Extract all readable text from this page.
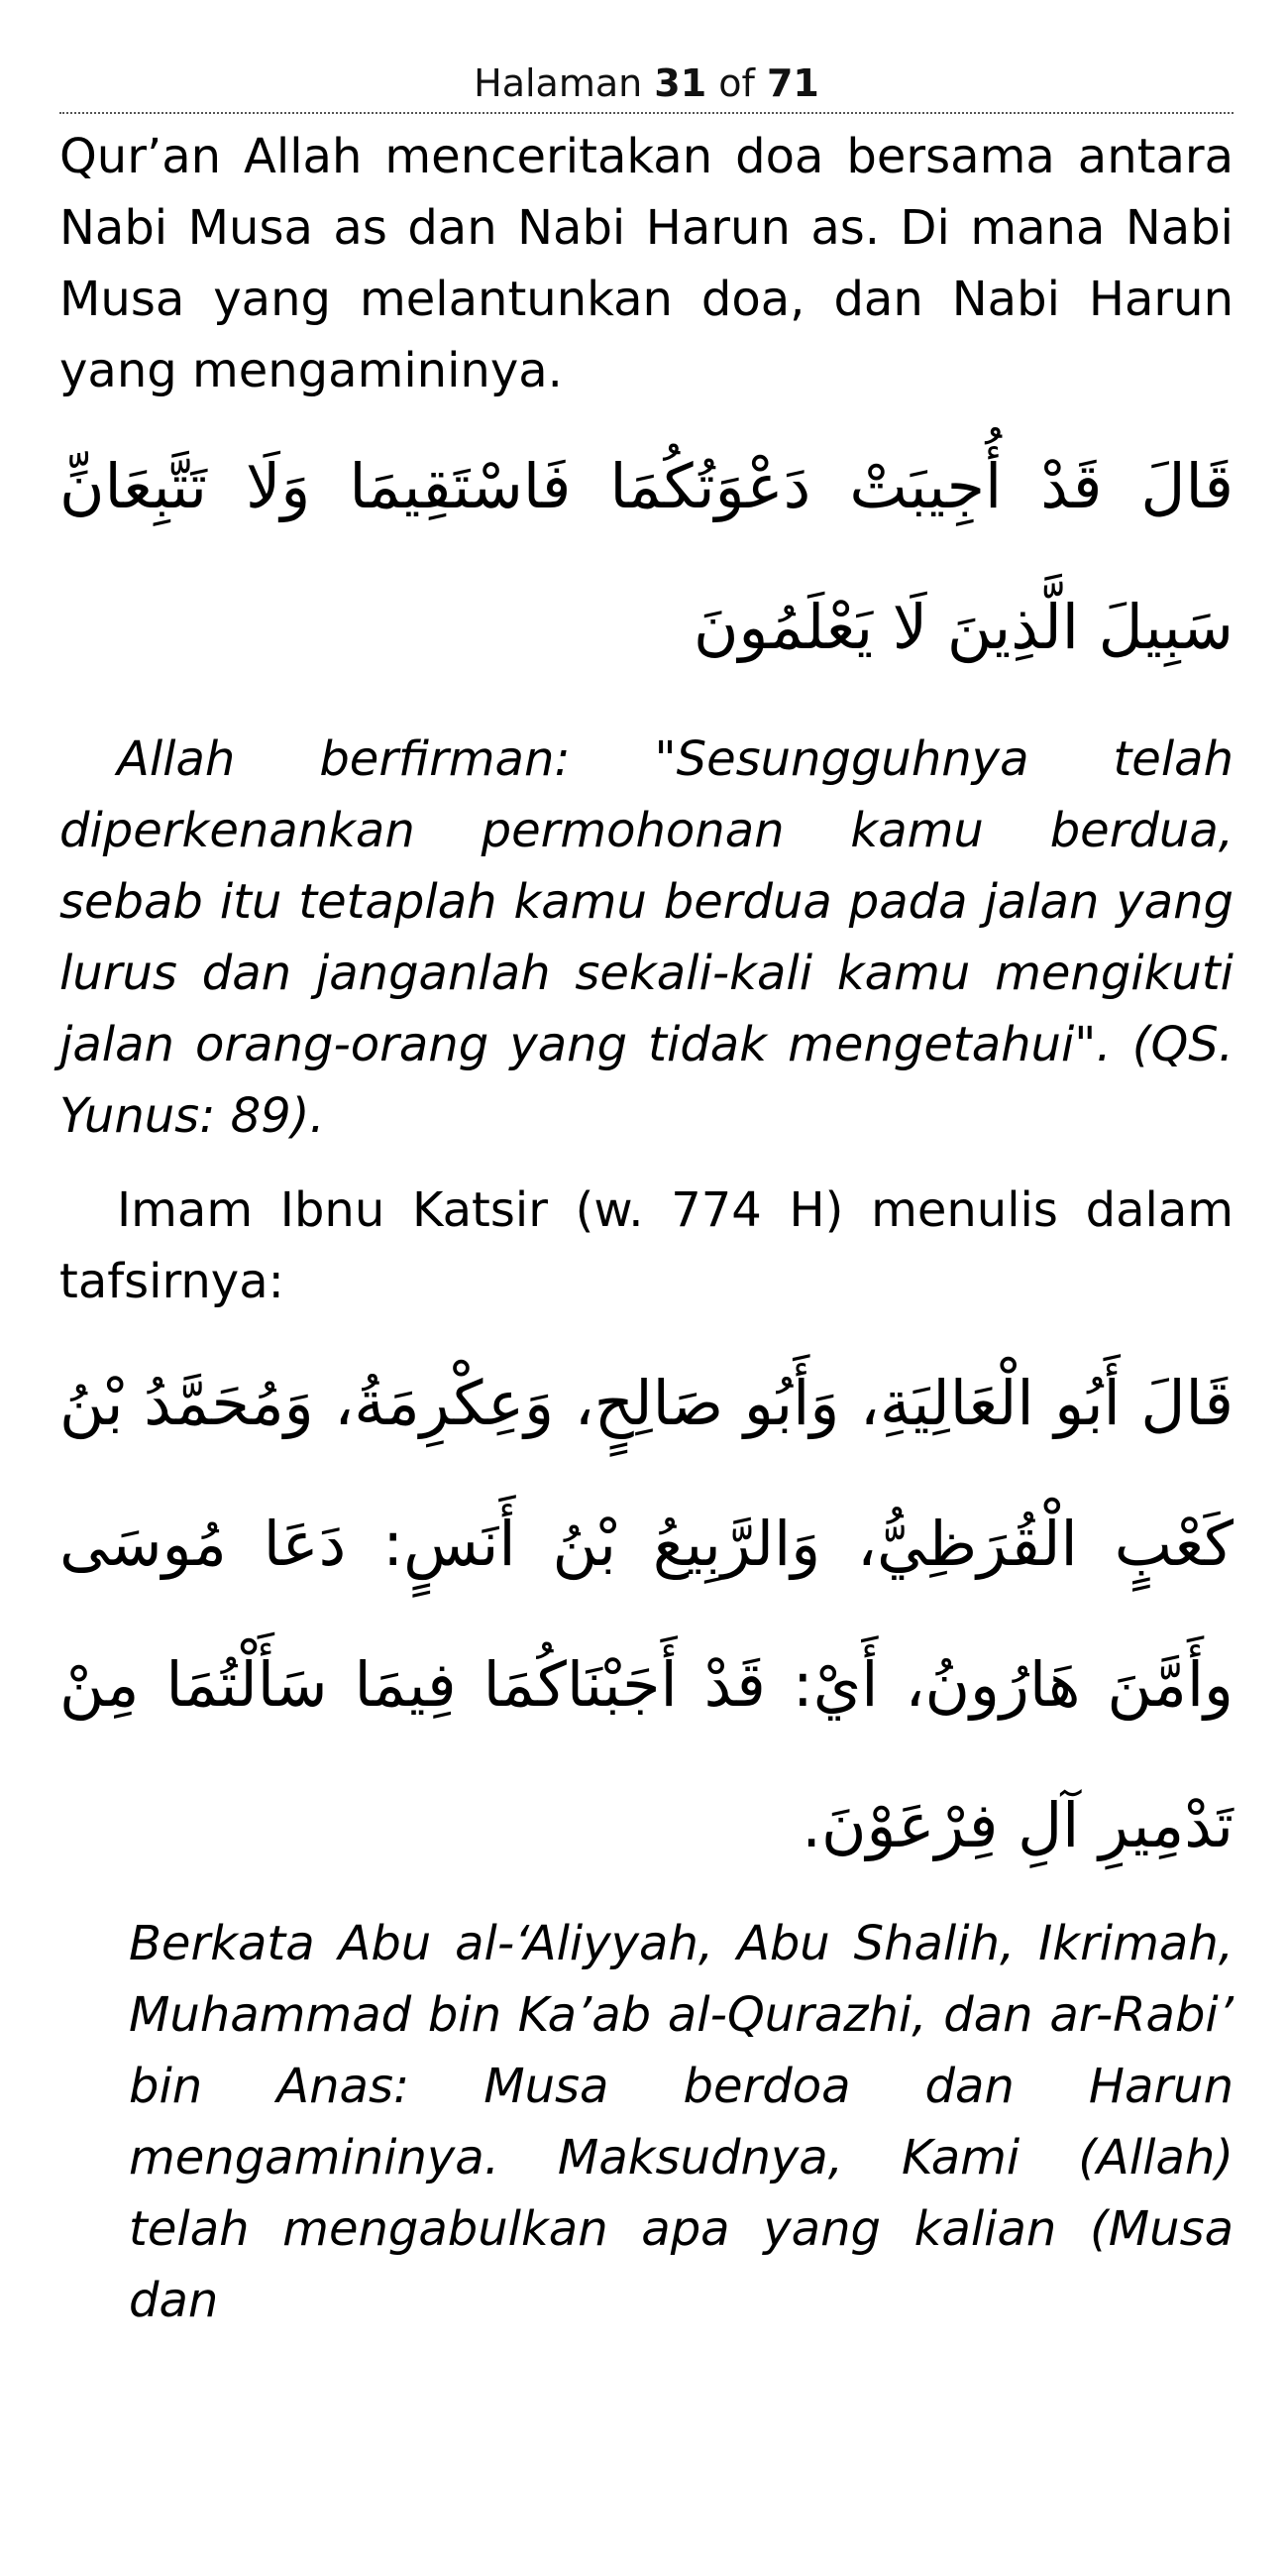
Halaman 31 of 71

Qur’an Allah menceritakan doa bersama antara Nabi Musa as dan Nabi Harun as. Di mana Nabi Musa yang melantunkan doa, dan Nabi Harun yang mengamininya.

قَالَ قَدْ أُجِيبَتْ دَعْوَتُكُمَا فَاسْتَقِيمَا وَلَا تَتَّبِعَانِّ سَبِيلَ الَّذِينَ لَا يَعْلَمُونَ

Allah berfirman: "Sesungguhnya telah diperkenankan permohonan kamu berdua, sebab itu tetaplah kamu berdua pada jalan yang lurus dan janganlah sekali-kali kamu mengikuti jalan orang-orang yang tidak mengetahui". (QS. Yunus: 89).

Imam Ibnu Katsir (w. 774 H) menulis dalam tafsirnya:

قَالَ أَبُو الْعَالِيَةِ، وَأَبُو صَالِحٍ، وَعِكْرِمَةُ، وَمُحَمَّدُ بْنُ كَعْبٍ الْقُرَظِيُّ، وَالرَّبِيعُ بْنُ أَنَسٍ: دَعَا مُوسَى وأَمَّنَ هَارُونُ، أَيْ: قَدْ أَجَبْنَاكُمَا فِيمَا سَأَلْتُمَا مِنْ تَدْمِيرِ آلِ فِرْعَوْنَ.

Berkata Abu al-‘Aliyyah, Abu Shalih, Ikrimah, Muhammad bin Ka’ab al-Qurazhi, dan ar-Rabi’ bin Anas: Musa berdoa dan Harun mengamininya. Maksudnya, Kami (Allah) telah mengabulkan apa yang kalian (Musa dan
